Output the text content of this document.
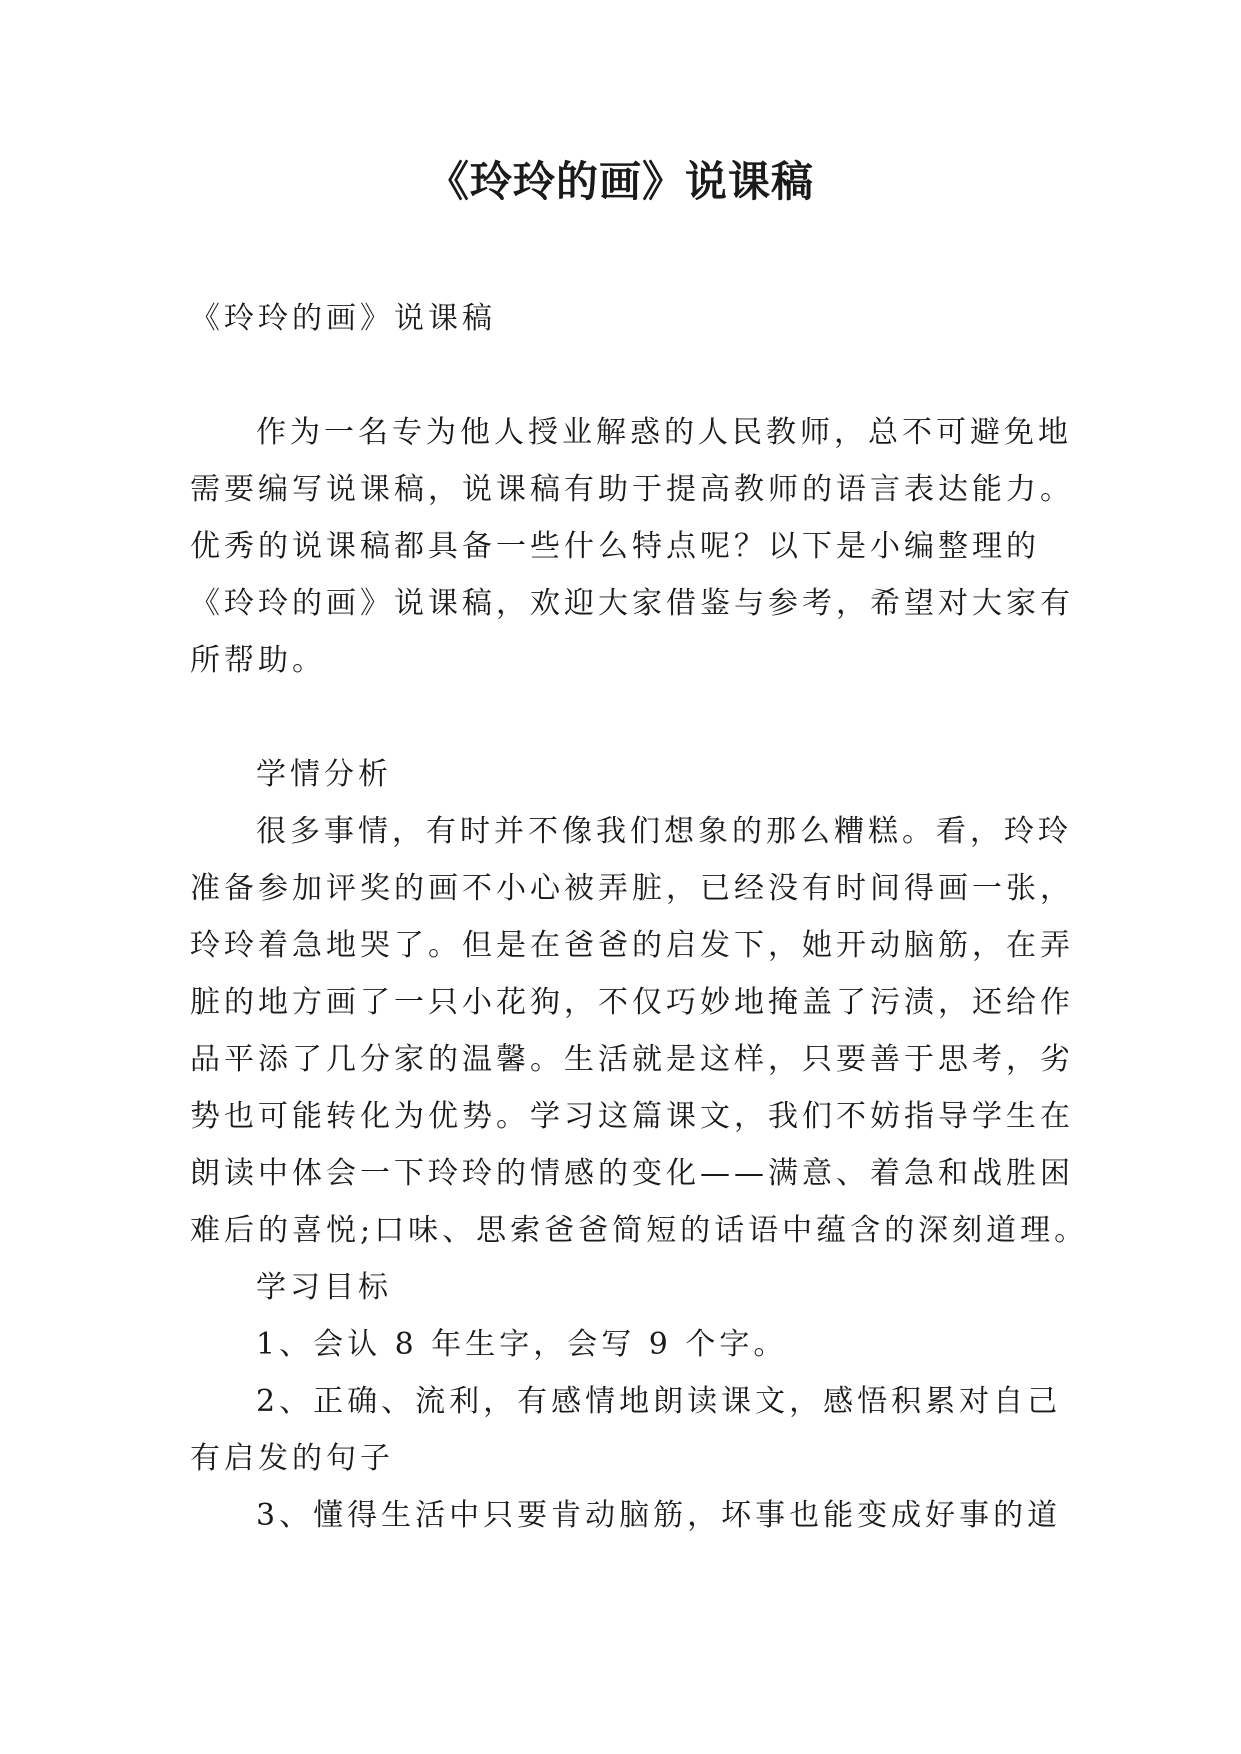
《玲玲的画》说课稿
《玲玲的画》说课稿
作为一名专为他人授业解惑的人民教师，总不可避免地
需要编写说课稿，说课稿有助于提高教师的语言表达能力。
优秀的说课稿都具备一些什么特点呢？以下是小编整理的
《玲玲的画》说课稿，欢迎大家借鉴与参考，希望对大家有
所帮助。
学情分析
很多事情，有时并不像我们想象的那么糟糕。看，玲玲
准备参加评奖的画不小心被弄脏，已经没有时间得画一张，
玲玲着急地哭了。但是在爸爸的启发下，她开动脑筋，在弄
脏的地方画了一只小花狗，不仅巧妙地掩盖了污渍，还给作
品平添了几分家的温馨。生活就是这样，只要善于思考，劣
势也可能转化为优势。学习这篇课文，我们不妨指导学生在
朗读中体会一下玲玲的情感的变化——满意、着急和战胜困
难后的喜悦;口味、思索爸爸简短的话语中蕴含的深刻道理。
学习目标
1、会认 8 年生字，会写 9 个字。
2、正确、流利，有感情地朗读课文，感悟积累对自己
有启发的句子
3、懂得生活中只要肯动脑筋，坏事也能变成好事的道
